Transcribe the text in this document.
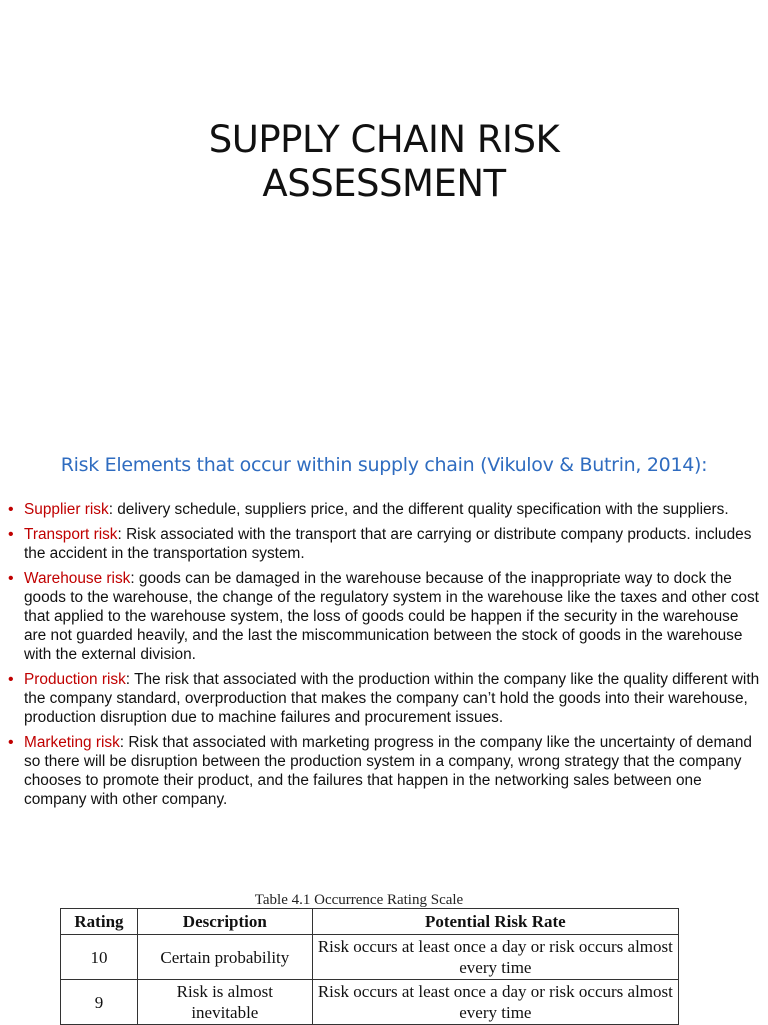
SUPPLY CHAIN RISK
ASSESSMENT
Risk Elements that occur within supply chain (Vikulov & Butrin, 2014):
• Supplier risk: delivery schedule, suppliers price, and the different quality specification with the suppliers.
• Transport risk: Risk associated with the transport that are carrying or distribute company products. includes the accident in the transportation system.
• Warehouse risk: goods can be damaged in the warehouse because of the inappropriate way to dock the goods to the warehouse, the change of the regulatory system in the warehouse like the taxes and other cost that applied to the warehouse system, the loss of goods could be happen if the security in the warehouse are not guarded heavily, and the last the miscommunication between the stock of goods in the warehouse with the external division.
• Production risk: The risk that associated with the production within the company like the quality different with the company standard, overproduction that makes the company can’t hold the goods into their warehouse, production disruption due to machine failures and procurement issues.
• Marketing risk: Risk that associated with marketing progress in the company like the uncertainty of demand so there will be disruption between the production system in a company, wrong strategy that the company chooses to promote their product, and the failures that happen in the networking sales between one company with other company.
Table 4.1 Occurrence Rating Scale
Rating	Description	Potential Risk Rate
10	Certain probability	Risk occurs at least once a day or risk occurs almost every time
9	Risk is almost inevitable	Risk occurs at least once a day or risk occurs almost every time
